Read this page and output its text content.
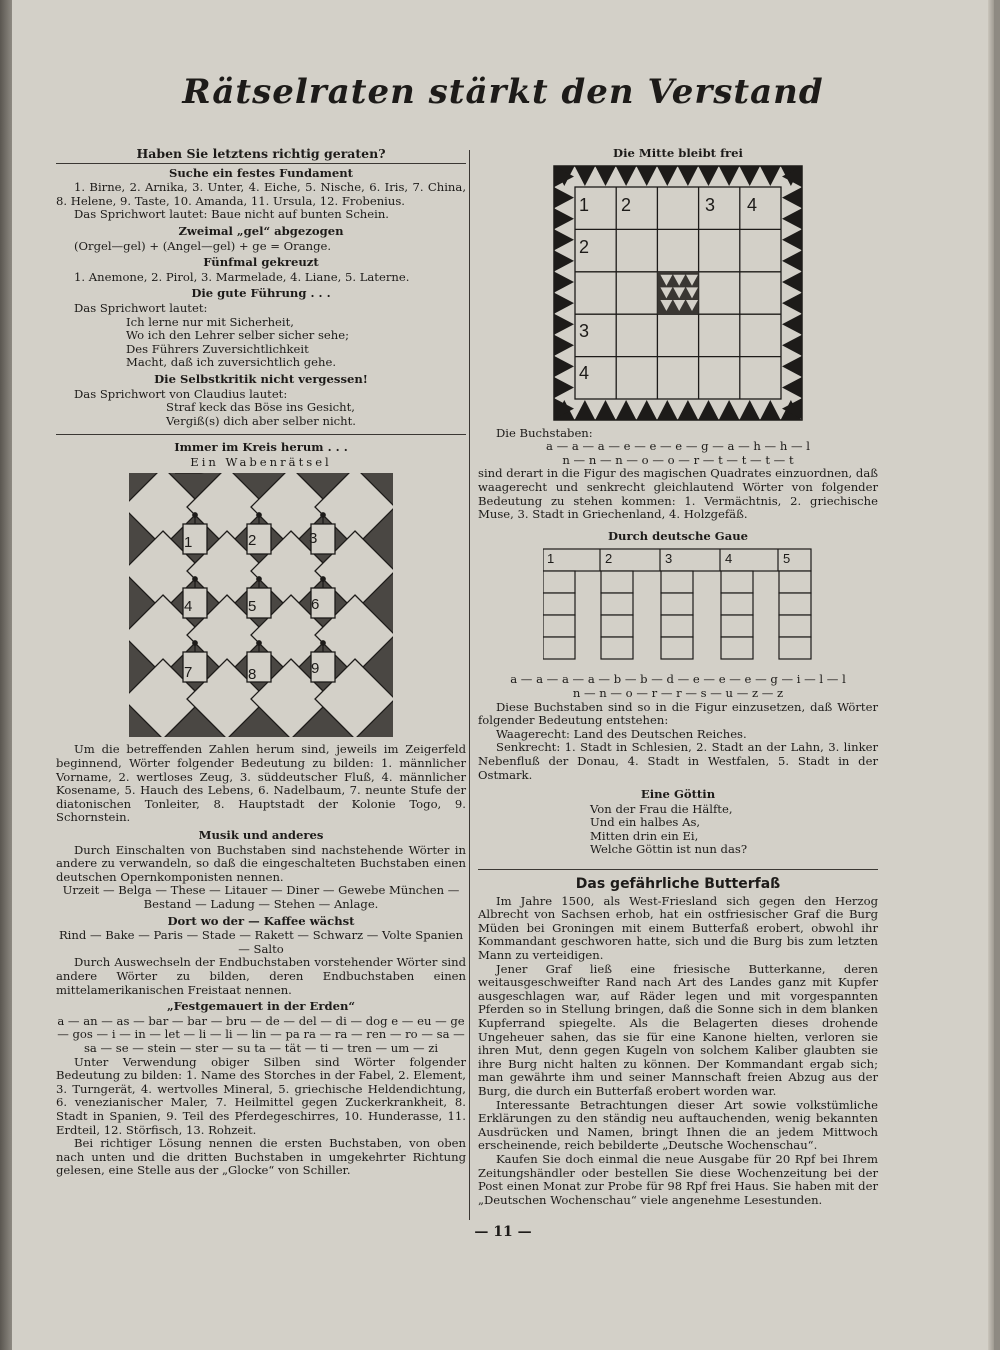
Rätselraten stärkt den Verstand
Haben Sie letztens richtig geraten?
Suche ein festes Fundament

1. Birne, 2. Arnika, 3. Unter, 4. Eiche, 5. Nische, 6. Iris, 7. China, 8. Helene, 9. Taste, 10. Amanda, 11. Ursula, 12. Frobenius.

Das Sprichwort lautet: Baue nicht auf bunten Schein.

Zweimal „gel“ abgezogen

(Orgel—gel) + (Angel—gel) + ge = Orange.

Fünfmal gekreuzt

1. Anemone, 2. Pirol, 3. Marmelade, 4. Liane, 5. Laterne.

Die gute Führung . . .

Das Sprichwort lautet:

Ich lerne nur mit Sicherheit,

Wo ich den Lehrer selber sicher sehe;

Des Führers Zuversichtlichkeit

Macht, daß ich zuversichtlich gehe.

Die Selbstkritik nicht vergessen!

Das Sprichwort von Claudius lautet:

Straf keck das Böse ins Gesicht,

Vergiß(s) dich aber selber nicht.

Immer im Kreis herum . . .

Ein Wabenrätsel

1	2	3
4	5	6
7	8	9

Um die betreffenden Zahlen herum sind, jeweils im Zeigerfeld beginnend, Wörter folgender Bedeutung zu bilden: 1. männlicher Vorname, 2. wertloses Zeug, 3. süddeutscher Fluß, 4. männlicher Kosename, 5. Hauch des Lebens, 6. Nadelbaum, 7. neunte Stufe der diatonischen Tonleiter, 8. Hauptstadt der Kolonie Togo, 9. Schornstein.

Musik und anderes

Durch Einschalten von Buchstaben sind nachstehende Wörter in andere zu verwandeln, so daß die eingeschalteten Buchstaben einen deutschen Opernkomponisten nennen.

Urzeit — Belga — These — Litauer — Diner — Gewebe München — Bestand — Ladung — Stehen — Anlage.

Dort wo der — Kaffee wächst

Rind — Bake — Paris — Stade — Rakett — Schwarz — Volte Spanien — Salto

Durch Auswechseln der Endbuchstaben vorstehender Wörter sind andere Wörter zu bilden, deren Endbuchstaben einen mittelamerikanischen Freistaat nennen.

„Festgemauert in der Erden“

a — an — as — bar — bar — bru — de — del — di — dog e — eu — ge — gos — i — in — let — li — li — lin — pa ra — ra — ren — ro — sa — sa — se — stein — ster — su ta — tät — ti — tren — um — zi

Unter Verwendung obiger Silben sind Wörter folgender Bedeutung zu bilden: 1. Name des Storches in der Fabel, 2. Element, 3. Turngerät, 4. wertvolles Mineral, 5. griechische Heldendichtung, 6. venezianischer Maler, 7. Heilmittel gegen Zuckerkrankheit, 8. Stadt in Spanien, 9. Teil des Pferdegeschirres, 10. Hunderasse, 11. Erdteil, 12. Störfisch, 13. Rohzeit.

Bei richtiger Lösung nennen die ersten Buchstaben, von oben nach unten und die dritten Buchstaben in umgekehrter Richtung gelesen, eine Stelle aus der „Glocke“ von Schiller.

Die Mitte bleibt frei
1 2	3 4
2
3
4

Die Buchstaben:

a — a — a — e — e — e — g — a — h — h — l

n — n — n — o — o — r — t — t — t — t

sind derart in die Figur des magischen Quadrates einzuordnen, daß waagerecht und senkrecht gleichlautend Wörter von folgender Bedeutung zu stehen kommen: 1. Vermächtnis, 2. griechische Muse, 3. Stadt in Griechenland, 4. Holzgefäß.

Durch deutsche Gaue
1	2	3	4	5

a — a — a — a — b — b — d — e — e — e — g — i — l — l

n — n — o — r — r — s — u — z — z

Diese Buchstaben sind so in die Figur einzusetzen, daß Wörter folgender Bedeutung entstehen:

Waagerecht: Land des Deutschen Reiches.

Senkrecht: 1. Stadt in Schlesien, 2. Stadt an der Lahn, 3. linker Nebenfluß der Donau, 4. Stadt in Westfalen, 5. Stadt in der Ostmark.

Eine Göttin

Von der Frau die Hälfte,

Und ein halbes As,

Mitten drin ein Ei,

Welche Göttin ist nun das?

Das gefährliche Butterfaß

Im Jahre 1500, als West-Friesland sich gegen den Herzog Albrecht von Sachsen erhob, hat ein ostfriesischer Graf die Burg Müden bei Groningen mit einem Butterfaß erobert, obwohl ihr Kommandant geschworen hatte, sich und die Burg bis zum letzten Mann zu verteidigen.

Jener Graf ließ eine friesische Butterkanne, deren weitausgeschweifter Rand nach Art des Landes ganz mit Kupfer ausgeschlagen war, auf Räder legen und mit vorgespannten Pferden so in Stellung bringen, daß die Sonne sich in dem blanken Kupferrand spiegelte. Als die Belagerten dieses drohende Ungeheuer sahen, das sie für eine Kanone hielten, verloren sie ihren Mut, denn gegen Kugeln von solchem Kaliber glaubten sie ihre Burg nicht halten zu können. Der Kommandant ergab sich; man gewährte ihm und seiner Mannschaft freien Abzug aus der Burg, die durch ein Butterfaß erobert worden war.

Interessante Betrachtungen dieser Art sowie volkstümliche Erklärungen zu den ständig neu auftauchenden, wenig bekannten Ausdrücken und Namen, bringt Ihnen die an jedem Mittwoch erscheinende, reich bebilderte „Deutsche Wochenschau“.

Kaufen Sie doch einmal die neue Ausgabe für 20 Rpf bei Ihrem Zeitungshändler oder bestellen Sie diese Wochenzeitung bei der Post einen Monat zur Probe für 98 Rpf frei Haus. Sie haben mit der „Deutschen Wochenschau“ viele angenehme Lesestunden.

— 11 —
